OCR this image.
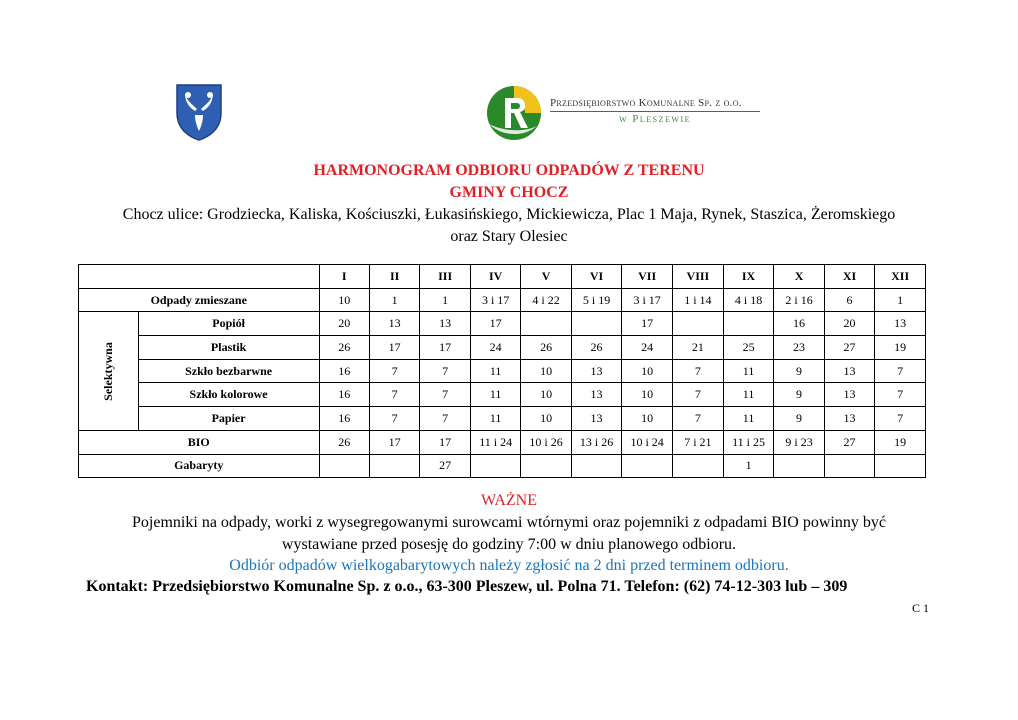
Przedsiębiorstwo Komunalne Sp. z o.o.
w Pleszewie
HARMONOGRAM ODBIORU ODPADÓW Z TERENU
GMINY CHOCZ
Chocz ulice: Grodziecka, Kaliska, Kościuszki, Łukasińskiego, Mickiewicza, Plac 1 Maja, Rynek, Staszica, Żeromskiego
oraz Stary Olesiec
		I	II	III	IV	V	VI	VII	VIII	IX	X	XI	XII
Odpady zmieszane		10	1	1	3 i 17	4 i 22	5 i 19	3 i 17	1 i 14	4 i 18	2 i 16	6	1
Selektywna	Popiół	20	13	13	17			17			16	20	13
	Plastik	26	17	17	24	26	26	24	21	25	23	27	19
	Szkło bezbarwne	16	7	7	11	10	13	10	7	11	9	13	7
	Szkło kolorowe	16	7	7	11	10	13	10	7	11	9	13	7
	Papier	16	7	7	11	10	13	10	7	11	9	13	7
BIO		26	17	17	11 i 24	10 i 26	13 i 26	10 i 24	7 i 21	11 i 25	9 i 23	27	19
Gabaryty				27						1			
WAŻNE
Pojemniki na odpady, worki z wysegregowanymi surowcami wtórnymi oraz pojemniki z odpadami BIO powinny być
wystawiane przed posesję do godziny 7:00 w dniu planowego odbioru.
Odbiór odpadów wielkogabarytowych należy zgłosić na 2 dni przed terminem odbioru.
Kontakt: Przedsiębiorstwo Komunalne Sp. z o.o., 63-300 Pleszew, ul. Polna 71. Telefon: (62) 74-12-303 lub – 309
C 1
